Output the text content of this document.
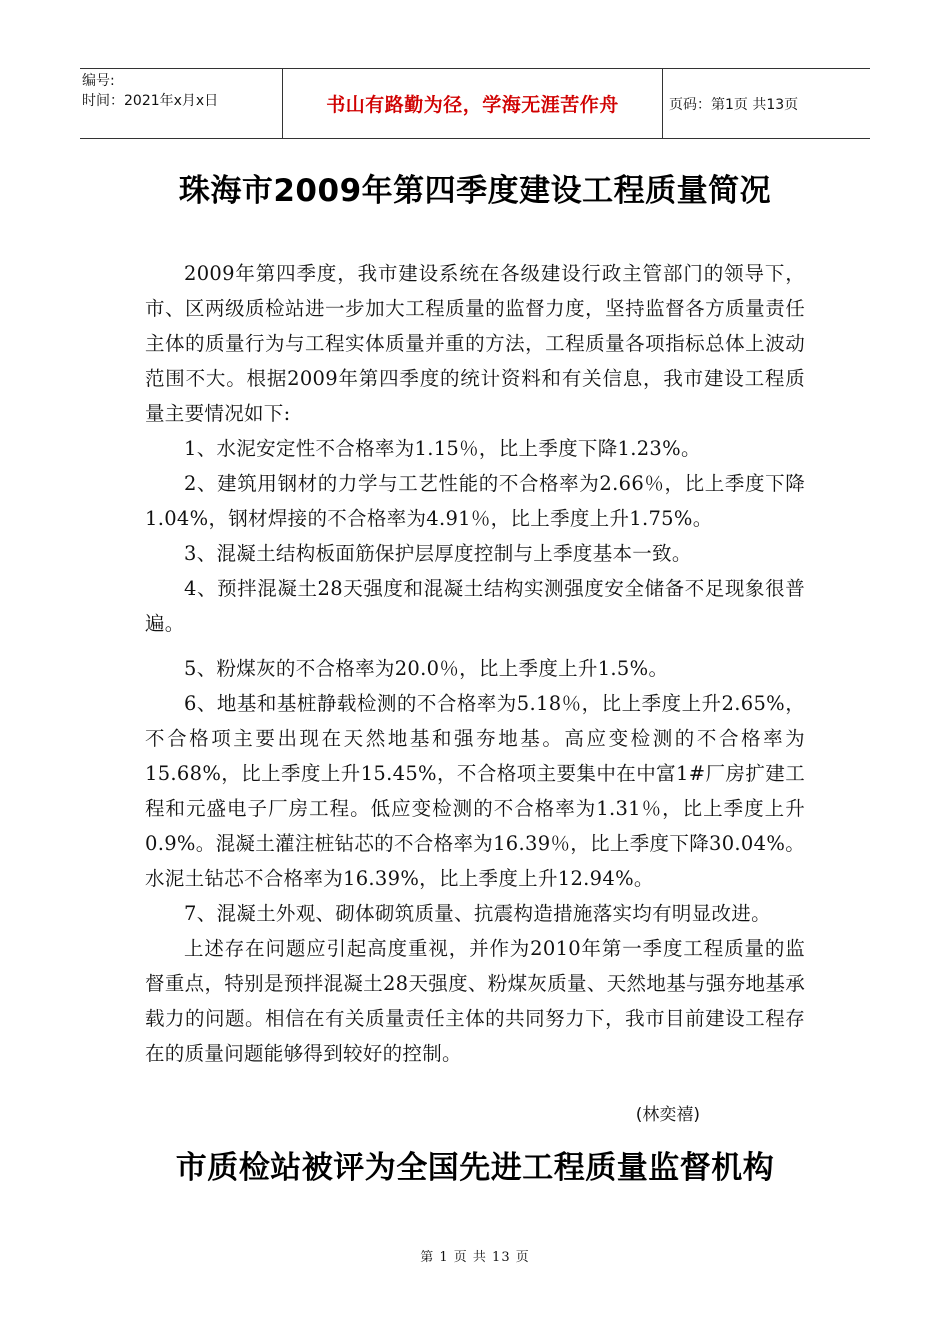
编号:
时间：2021年x月x日	书山有路勤为径，学海无涯苦作舟	页码：第1页 共13页
珠海市2009年第四季度建设工程质量简况

2009年第四季度，我市建设系统在各级建设行政主管部门的领导下，市、区两级质检站进一步加大工程质量的监督力度，坚持监督各方质量责任主体的质量行为与工程实体质量并重的方法，工程质量各项指标总体上波动范围不大。根据2009年第四季度的统计资料和有关信息，我市建设工程质量主要情况如下:

1、水泥安定性不合格率为1.15％，比上季度下降1.23%。

2、建筑用钢材的力学与工艺性能的不合格率为2.66％，比上季度下降1.04%，钢材焊接的不合格率为4.91％，比上季度上升1.75%。

3、混凝土结构板面筋保护层厚度控制与上季度基本一致。

4、预拌混凝土28天强度和混凝土结构实测强度安全储备不足现象很普遍。

5、粉煤灰的不合格率为20.0％，比上季度上升1.5%。

6、地基和基桩静载检测的不合格率为5.18％，比上季度上升2.65%，不合格项主要出现在天然地基和强夯地基。高应变检测的不合格率为15.68%，比上季度上升15.45%，不合格项主要集中在中富1#厂房扩建工程和元盛电子厂房工程。低应变检测的不合格率为1.31％，比上季度上升0.9%。混凝土灌注桩钻芯的不合格率为16.39％，比上季度下降30.04%。水泥土钻芯不合格率为16.39%，比上季度上升12.94%。

7、混凝土外观、砌体砌筑质量、抗震构造措施落实均有明显改进。

上述存在问题应引起高度重视，并作为2010年第一季度工程质量的监督重点，特别是预拌混凝土28天强度、粉煤灰质量、天然地基与强夯地基承载力的问题。相信在有关质量责任主体的共同努力下，我市目前建设工程存在的质量问题能够得到较好的控制。

(林奕禧)
市质检站被评为全国先进工程质量监督机构
第 1 页 共 13 页
